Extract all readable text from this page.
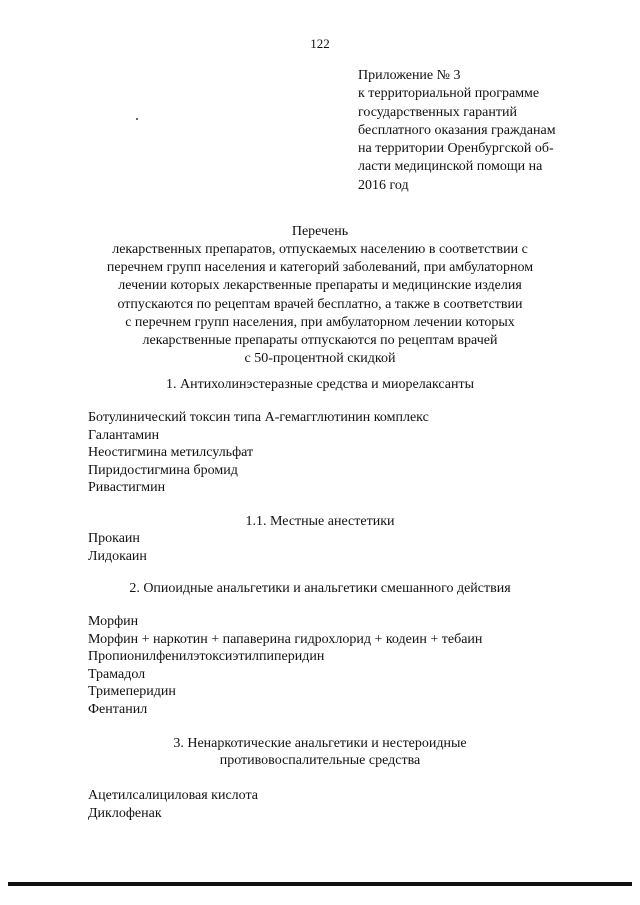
122
Приложение № 3
к территориальной программе
государственных гарантий
бесплатного оказания гражданам
на территории Оренбургской об-
ласти медицинской помощи на
2016 год
Перечень
лекарственных препаратов, отпускаемых населению в соответствии с
перечнем групп населения и категорий заболеваний, при амбулаторном
лечении которых лекарственные препараты и медицинские изделия
отпускаются по рецептам врачей бесплатно, а также в соответствии
с перечнем групп населения, при амбулаторном лечении которых
лекарственные препараты отпускаются по рецептам врачей
с 50-процентной скидкой
1. Антихолинэстеразные средства и миорелаксанты
Ботулинический токсин типа А-гемагглютинин комплекс
Галантамин
Неостигмина метилсульфат
Пиридостигмина бромид
Ривастигмин
1.1. Местные анестетики
Прокаин
Лидокаин
2. Опиоидные анальгетики и анальгетики смешанного действия
Морфин
Морфин + наркотин + папаверина гидрохлорид + кодеин + тебаин
Пропионилфенилэтоксиэтилпиперидин
Трамадол
Тримеперидин
Фентанил
3. Ненаркотические анальгетики и нестероидные
противовоспалительные средства
Ацетилсалициловая кислота
Диклофенак
